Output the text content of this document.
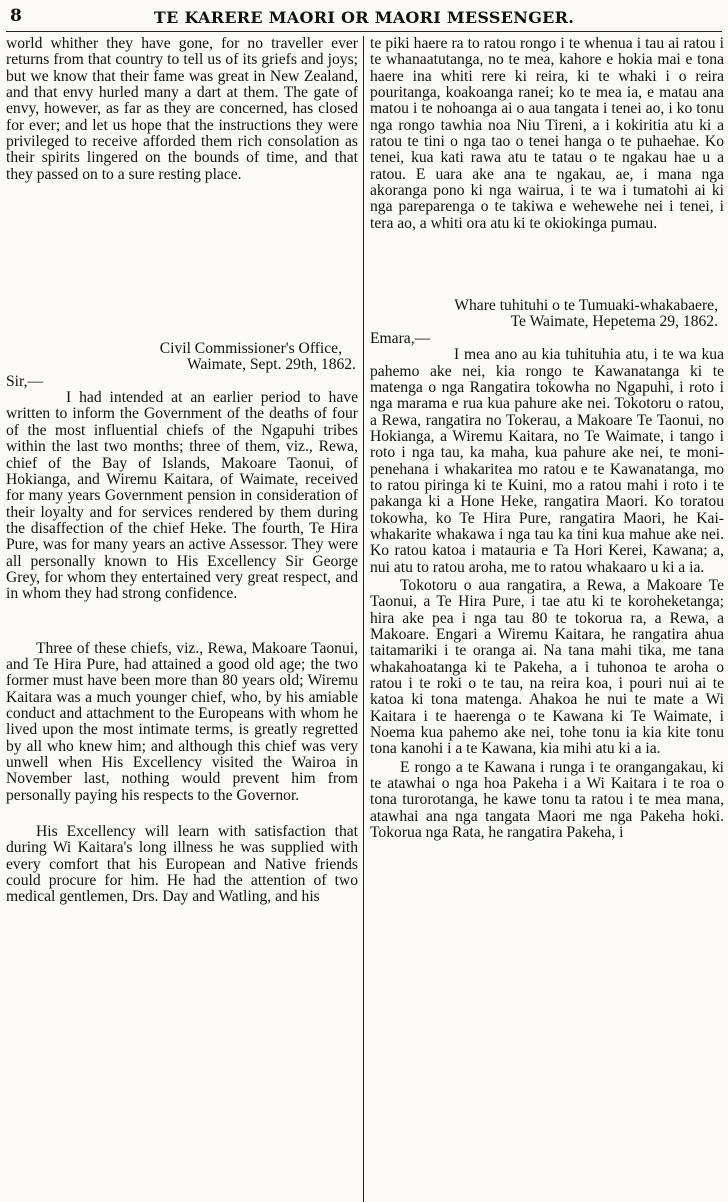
8	TE KARERE MAORI OR MAORI MESSENGER.

world whither they have gone, for no traveller ever returns from that country to tell us of its griefs and joys; but we know that their fame was great in New Zealand, and that envy hurled many a dart at them. The gate of envy, however, as far as they are concerned, has closed for ever; and let us hope that the instructions they were privileged to receive afforded them rich consolation as their spirits lingered on the bounds of time, and that they passed on to a sure resting place.

Civil Commissioner's Office,

Waimate, Sept. 29th, 1862.

Sir,—

I had intended at an earlier period to have written to inform the Government of the deaths of four of the most influential chiefs of the Ngapuhi tribes within the last two months; three of them, viz., Rewa, chief of the Bay of Islands, Makoare Taonui, of Hokianga, and Wiremu Kaitara, of Waimate, received for many years Government pension in consideration of their loyalty and for services rendered by them during the disaffection of the chief Heke. The fourth, Te Hira Pure, was for many years an active Assessor. They were all personally known to His Excellency Sir George Grey, for whom they entertained very great respect, and in whom they had strong confidence.

Three of these chiefs, viz., Rewa, Makoare Taonui, and Te Hira Pure, had attained a good old age; the two former must have been more than 80 years old; Wiremu Kaitara was a much younger chief, who, by his amiable conduct and attachment to the Europeans with whom he lived upon the most intimate terms, is greatly regretted by all who knew him; and although this chief was very unwell when His Excellency visited the Wairoa in November last, nothing would prevent him from personally paying his respects to the Governor.

His Excellency will learn with satisfaction that during Wi Kaitara's long illness he was supplied with every comfort that his European and Native friends could procure for him. He had the attention of two medical gentlemen, Drs. Day and Watling, and his

te piki haere ra to ratou rongo i te whenua i tau ai ratou i te whanaatutanga, no te mea, kahore e hokia mai e tona haere ina whiti rere ki reira, ki te whaki i o reira pouritanga, koakoanga ranei; ko te mea ia, e matau ana matou i te nohoanga ai o aua tangata i tenei ao, i ko tonu nga rongo tawhia noa Niu Tireni, a i kokiritia atu ki a ratou te tini o nga tao o tenei hanga o te puhaehae. Ko tenei, kua kati rawa atu te tatau o te ngakau hae u a ratou. E uara ake ana te ngakau, ae, i mana nga akoranga pono ki nga wairua, i te wa i tumatohi ai ki nga pareparenga o te takiwa e wehewehe nei i tenei, i tera ao, a whiti ora atu ki te okiokinga pumau.

Whare tuhituhi o te Tumuaki-whakabaere,

Te Waimate, Hepetema 29, 1862.

Emara,—

I mea ano au kia tuhituhia atu, i te wa kua pahemo ake nei, kia rongo te Kawanatanga ki te matenga o nga Rangatira tokowha no Ngapuhi, i roto i nga marama e rua kua pahure ake nei. Tokotoru o ratou, a Rewa, rangatira no Tokerau, a Makoare Te Taonui, no Hokianga, a Wiremu Kaitara, no Te Waimate, i tango i roto i nga tau, ka maha, kua pahure ake nei, te moni-penehana i whakaritea mo ratou e te Kawanatanga, mo to ratou piringa ki te Kuini, mo a ratou mahi i roto i te pakanga ki a Hone Heke, rangatira Maori. Ko toratou tokowha, ko Te Hira Pure, rangatira Maori, he Kai-whakarite whakawa i nga tau ka tini kua mahue ake nei. Ko ratou katoa i matauria e Ta Hori Kerei, Kawana; a, nui atu to ratou aroha, me to ratou whakaaro u ki a ia.

Tokotoru o aua rangatira, a Rewa, a Makoare Te Taonui, a Te Hira Pure, i tae atu ki te koroheketanga; hira ake pea i nga tau 80 te tokorua ra, a Rewa, a Makoare. Engari a Wiremu Kaitara, he rangatira ahua taitamariki i te oranga ai. Na tana mahi tika, me tana whakahoatanga ki te Pakeha, a i tuhonoa te aroha o ratou i te roki o te tau, na reira koa, i pouri nui ai te katoa ki tona matenga. Ahakoa he nui te mate a Wi Kaitara i te haerenga o te Kawana ki Te Waimate, i Noema kua pahemo ake nei, tohe tonu ia kia kite tonu tona kanohi i a te Kawana, kia mihi atu ki a ia.

E rongo a te Kawana i runga i te orangangakau, ki te atawhai o nga hoa Pakeha i a Wi Kaitara i te roa o tona turorotanga, he kawe tonu ta ratou i te mea mana, atawhai ana nga tangata Maori me nga Pakeha hoki. Tokorua nga Rata, he rangatira Pakeha, i
